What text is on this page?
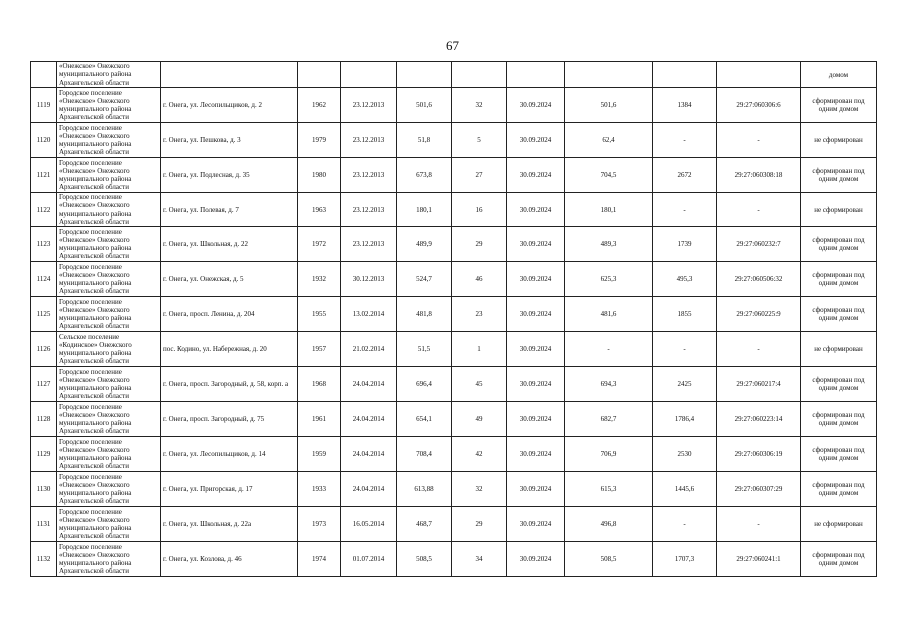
67
	«Онежское» Онежского муниципального района Архангельской области										домом
1119	Городское поселение «Онежское» Онежского муниципального района Архангельской области	г. Онега, ул. Лесопильщиков, д. 2	1962	23.12.2013	501,6	32	30.09.2024	501,6	1384	29:27:060306:6	сформирован под одним домом
1120	Городское поселение «Онежское» Онежского муниципального района Архангельской области	г. Онега, ул. Пешкова, д. 3	1979	23.12.2013	51,8	5	30.09.2024	62,4	-	-	не сформирован
1121	Городское поселение «Онежское» Онежского муниципального района Архангельской области	г. Онега, ул. Подлесная, д. 35	1980	23.12.2013	673,8	27	30.09.2024	704,5	2672	29:27:060308:18	сформирован под одним домом
1122	Городское поселение «Онежское» Онежского муниципального района Архангельской области	г. Онега, ул. Полевая, д. 7	1963	23.12.2013	180,1	16	30.09.2024	180,1	-	-	не сформирован
1123	Городское поселение «Онежское» Онежского муниципального района Архангельской области	г. Онега, ул. Школьная, д. 22	1972	23.12.2013	489,9	29	30.09.2024	489,3	1739	29:27:060232:7	сформирован под одним домом
1124	Городское поселение «Онежское» Онежского муниципального района Архангельской области	г. Онега, ул. Онежская, д. 5	1932	30.12.2013	524,7	46	30.09.2024	625,3	495,3	29:27:060506:32	сформирован под одним домом
1125	Городское поселение «Онежское» Онежского муниципального района Архангельской области	г. Онега, просп. Ленина, д. 204	1955	13.02.2014	481,8	23	30.09.2024	481,6	1855	29:27:060225:9	сформирован под одним домом
1126	Сельское поселение «Кодинское» Онежского муниципального района Архангельской области	пос. Кодино, ул. Набережная, д. 20	1957	21.02.2014	51,5	1	30.09.2024	-	-	-	не сформирован
1127	Городское поселение «Онежское» Онежского муниципального района Архангельской области	г. Онега, просп. Загородный, д. 58, корп. а	1968	24.04.2014	696,4	45	30.09.2024	694,3	2425	29:27:060217:4	сформирован под одним домом
1128	Городское поселение «Онежское» Онежского муниципального района Архангельской области	г. Онега, просп. Загородный, д. 75	1961	24.04.2014	654,1	49	30.09.2024	682,7	1786,4	29:27:060223:14	сформирован под одним домом
1129	Городское поселение «Онежское» Онежского муниципального района Архангельской области	г. Онега, ул. Лесопильщиков, д. 14	1959	24.04.2014	708,4	42	30.09.2024	706,9	2530	29:27:060306:19	сформирован под одним домом
1130	Городское поселение «Онежское» Онежского муниципального района Архангельской области	г. Онега, ул. Пригорская, д. 17	1933	24.04.2014	613,88	32	30.09.2024	615,3	1445,6	29:27:060307:29	сформирован под одним домом
1131	Городское поселение «Онежское» Онежского муниципального района Архангельской области	г. Онега, ул. Школьная, д. 22а	1973	16.05.2014	468,7	29	30.09.2024	496,8	-	-	не сформирован
1132	Городское поселение «Онежское» Онежского муниципального района Архангельской области	г. Онега, ул. Козлова, д. 46	1974	01.07.2014	508,5	34	30.09.2024	508,5	1707,3	29:27:060241:1	сформирован под одним домом
